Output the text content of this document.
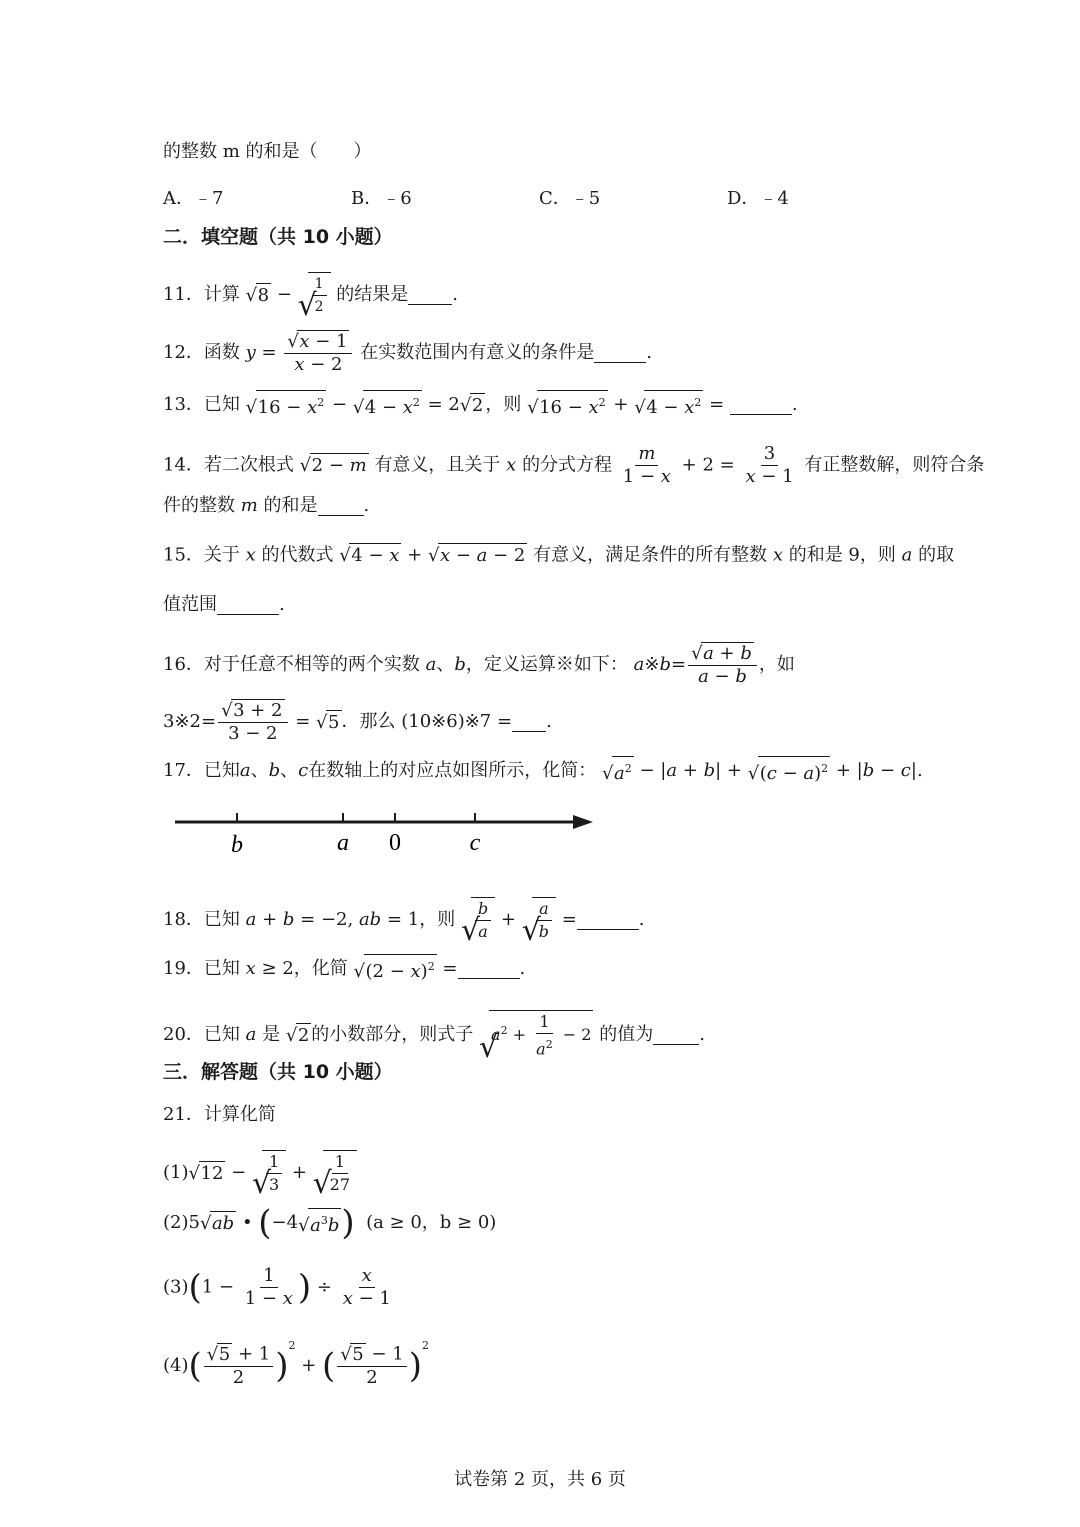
的整数 m 的和是（　　）
A．﹣7	B．﹣6	C．﹣5	D．﹣4
二．填空题（共 10 小题）
11．计算 √ 8 −
√ $\frac{1}{2}$ 的结果是 .
12．函数 y =
√ $\frac{x - 1}{x - 2}$ 在实数范围内有意义的条件是	.
13．已知 √ $16 - x^2$ − √ $4 - x^2 = 2√$ 2 ，则 √ $16 - x^2$ + √ $4 - x^2$ =	.
14．若二次根式 √ 2 − m 有意义，且关于 x 的分式方程 $\frac{m}{1 - x} + 2 = \frac{3}{x - 1}$ 有正整数解，则符合条
件的整数 m 的和是	.
15．关于 x 的代数式 √ 4 − x + √ x − a − 2 有意义，满足条件的所有整数 x 的和是 9，则 a 的取
值范围	.
16．对于任意不相等的两个实数 a、b，定义运算※如下： a※b=
√ $\frac{a + b}{a - b}$ ，如
3※2=
√ $\frac{3 + 2}{3 - 2}$ = √ 5 ．那么 (10※6)※7 = .
17．已知a、b、c在数轴上的对应点如图所示，化简： √ $a^2 - |a + b|$ + √ $(c - a)^2 + |b - c|$.
b	a 0	c
18．已知 a + b = −2, ab = 1，则
√ $\frac{b}{a}$ +
√ $\frac{a}{b}$ =	.
19．已知 x ≥ 2，化简 √ $(2 - x)^2$ =	.
20．已知 a 是 √ 2 的小数部分，则式子 √ $a^2 + \frac{1}{a^2} - 2$ 的值为	.
三．解答题（共 10 小题）
21．计算化简
(1)√ 12 −
√ $\frac{1}{3}$ +
√ $\frac{1}{27}$
(2)5√ ab • (−4√ $a^3b$) (a ≥ 0，b ≥ 0)
$(3)(1 - \frac{1}{1 - x}$ ) ÷ $\frac{x}{x - 1}$
(4)(
√ $\frac{5 + 1}{2} )^2$ + (
√ $\frac{5 - 1}{2} )^2$
试卷第 2 页，共 6 页
